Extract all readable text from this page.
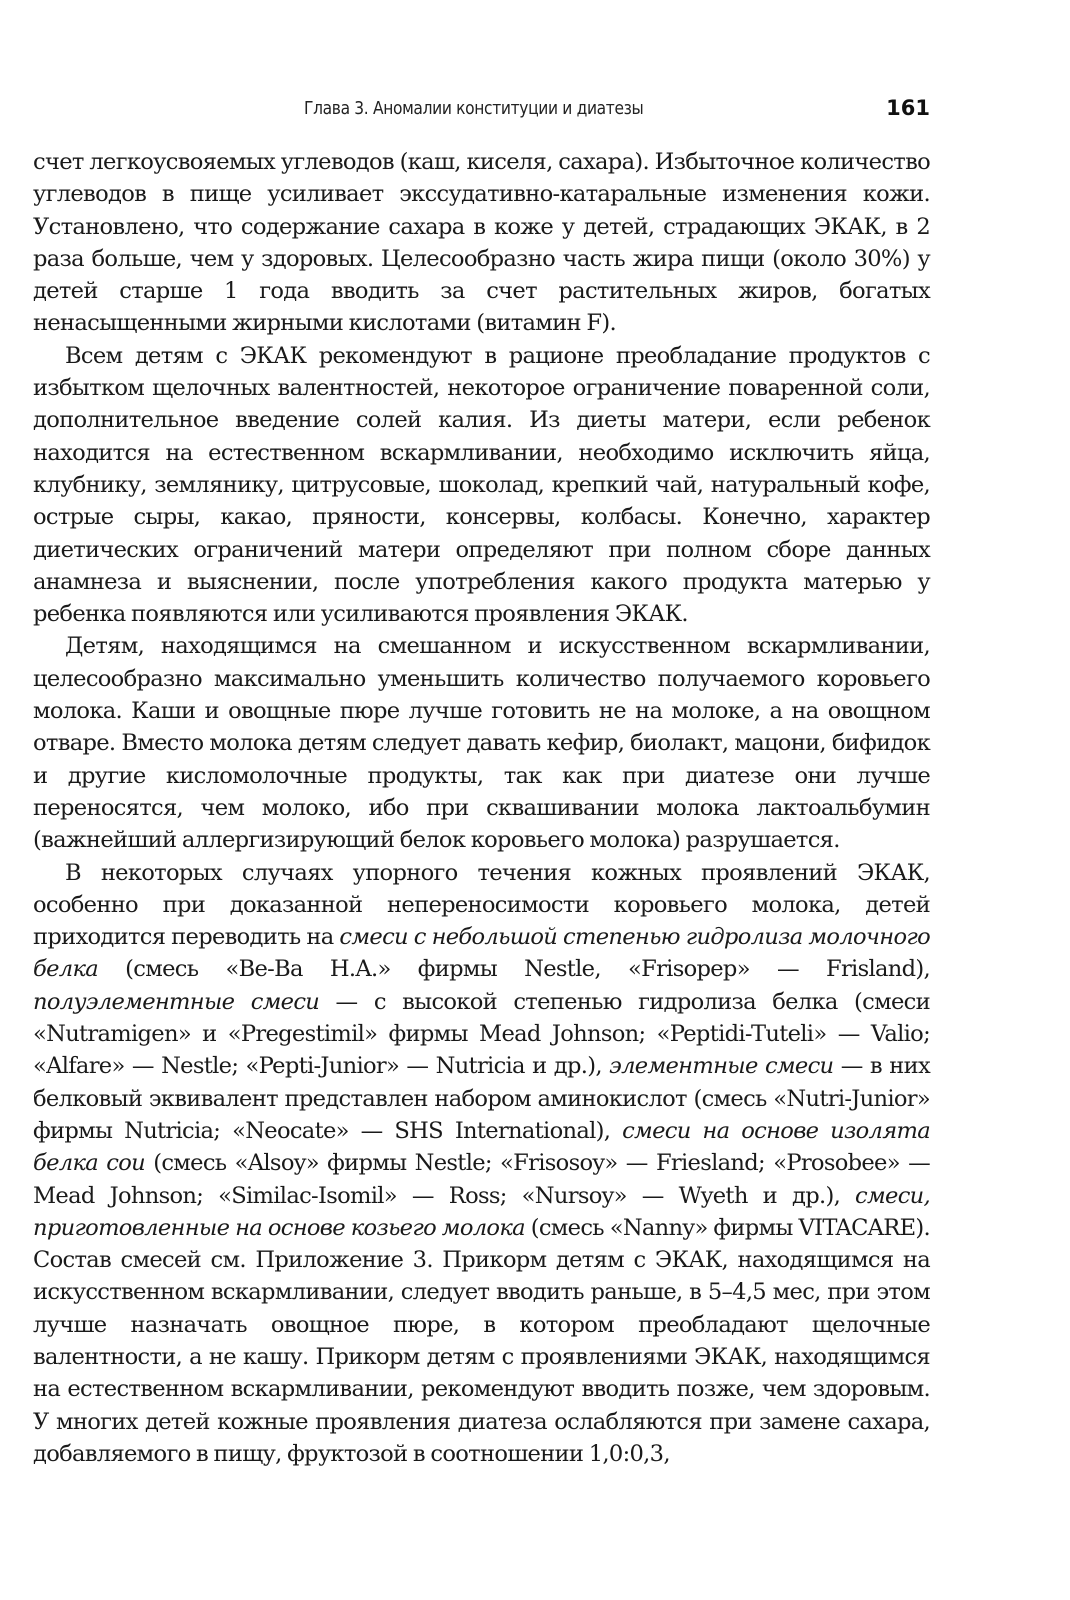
Глава 3. Аномалии конституции и диатезы	161

счет легкоусвояемых углеводов (каш, киселя, сахара). Избыточное количество углеводов в пище усиливает экссудативно-катаральные изменения кожи. Установлено, что содержание сахара в коже у детей, страдающих ЭКАК, в 2 раза больше, чем у здоровых. Целесообразно часть жира пищи (около 30%) у детей старше 1 года вводить за счет растительных жиров, богатых ненасыщенными жирными кислотами (витамин F).

Всем детям с ЭКАК рекомендуют в рационе преобладание продуктов с избытком щелочных валентностей, некоторое ограничение поваренной соли, дополнительное введение солей калия. Из диеты матери, если ребенок находится на естественном вскармливании, необходимо исключить яйца, клубнику, землянику, цитрусовые, шоколад, крепкий чай, натуральный кофе, острые сыры, какао, пряности, консервы, колбасы. Конечно, характер диетических ограничений матери определяют при полном сборе данных анамнеза и выяснении, после употребления какого продукта матерью у ребенка появляются или усиливаются проявления ЭКАК.

Детям, находящимся на смешанном и искусственном вскармливании, целесообразно максимально уменьшить количество получаемого коровьего молока. Каши и овощные пюре лучше готовить не на молоке, а на овощном отваре. Вместо молока детям следует давать кефир, биолакт, мацони, бифидок и другие кисломолочные продукты, так как при диатезе они лучше переносятся, чем молоко, ибо при сквашивании молока лактоальбумин (важнейший аллергизирующий белок коровьего молока) разрушается.

В некоторых случаях упорного течения кожных проявлений ЭКАК, особенно при доказанной непереносимости коровьего молока, детей приходится переводить на смеси с небольшой степенью гидролиза молочного белка (смесь «Be-Ba H.A.» фирмы Nestle, «Frisopep» — Frisland), полуэлементные смеси — с высокой степенью гидролиза белка (смеси «Nutramigen» и «Pregestimil» фирмы Mead Johnson; «Peptidi-Tuteli» — Valio; «Alfare» — Nestle; «Pepti-Junior» — Nutricia и др.), элементные смеси — в них белковый эквивалент представлен набором аминокислот (смесь «Nutri-Junior» фирмы Nutricia; «Neocate» — SHS International), смеси на основе изолята белка сои (смесь «Alsoy» фирмы Nestle; «Frisosoy» — Friesland; «Prosobee» — Mead Johnson; «Similac-Isomil» — Ross; «Nursoy» — Wyeth и др.), смеси, приготовленные на основе козьего молока (смесь «Nanny» фирмы VITACARE). Состав смесей см. Приложение 3. Прикорм детям с ЭКАК, находящимся на искусственном вскармливании, следует вводить раньше, в 5–4,5 мес, при этом лучше назначать овощное пюре, в котором преобладают щелочные валентности, а не кашу. Прикорм детям с проявлениями ЭКАК, находящимся на естественном вскармливании, рекомендуют вводить позже, чем здоровым. У многих детей кожные проявления диатеза ослабляются при замене сахара, добавляемого в пищу, фруктозой в соотношении 1,0:0,3,
